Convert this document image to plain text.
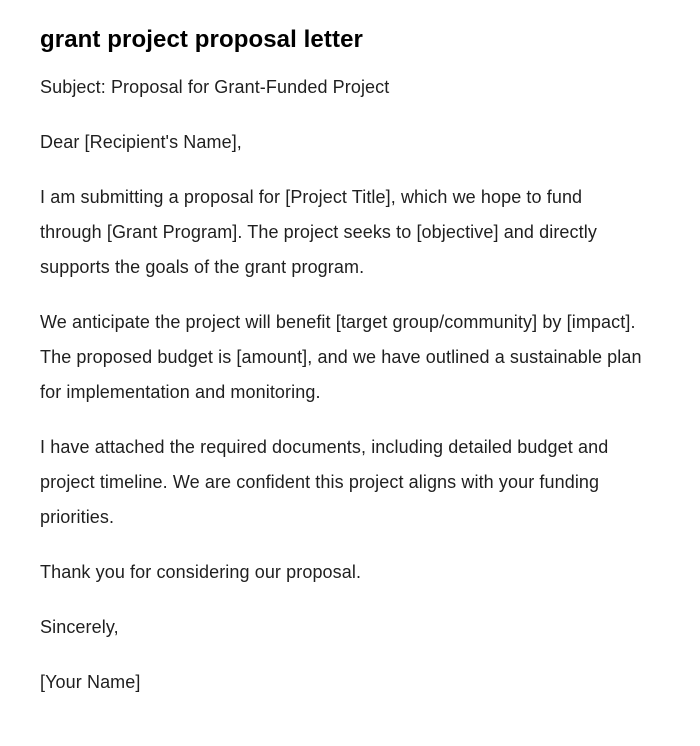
grant project proposal letter

Subject: Proposal for Grant-Funded Project

Dear [Recipient's Name],

I am submitting a proposal for [Project Title], which we hope to fund through [Grant Program]. The project seeks to [objective] and directly supports the goals of the grant program.

We anticipate the project will benefit [target group/community] by [impact]. The proposed budget is [amount], and we have outlined a sustainable plan for implementation and monitoring.

I have attached the required documents, including detailed budget and project timeline. We are confident this project aligns with your funding priorities.

Thank you for considering our proposal.

Sincerely,

[Your Name]
